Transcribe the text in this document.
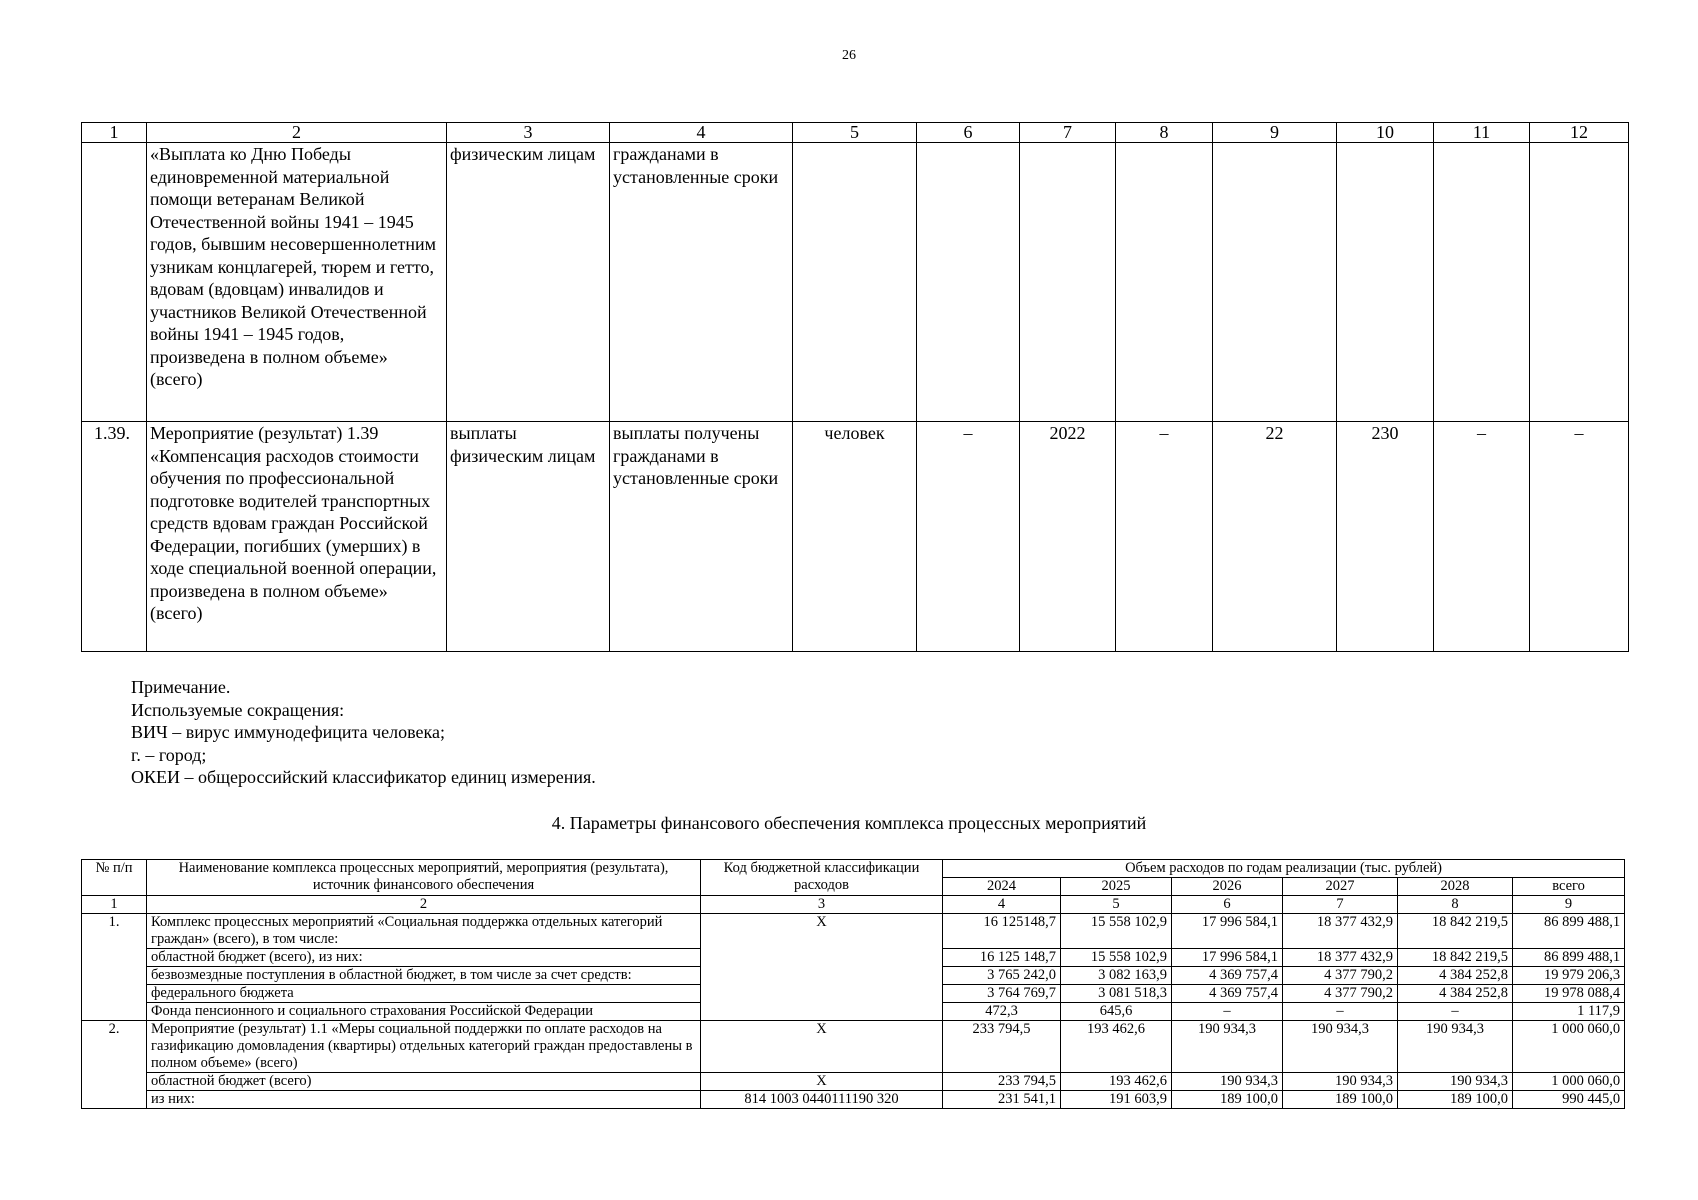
26
1	2	3	4	5	6	7	8	9	10	11	12
	«Выплата ко Дню Победы единовременной материальной помощи ветеранам Великой Отечественной войны 1941 – 1945 годов, бывшим несовершеннолетним узникам концлагерей, тюрем и гетто, вдовам (вдовцам) инвалидов и участников Великой Отечественной войны 1941 – 1945 годов, произведена в полном объеме» (всего)	физическим лицам	гражданами в установленные сроки								
1.39.	Мероприятие (результат) 1.39 «Компенсация расходов стоимости обучения по профессиональной подготовке водителей транспортных средств вдовам граждан Российской Федерации, погибших (умерших) в ходе специальной военной операции, произведена в полном объеме» (всего)	выплаты физическим лицам	выплаты получены гражданами в установленные сроки	человек	–	2022	–	22	230	–	–
Примечание.
Используемые сокращения:
ВИЧ – вирус иммунодефицита человека;
г. – город;
ОКЕИ – общероссийский классификатор единиц измерения.
4. Параметры финансового обеспечения комплекса процессных мероприятий
№ п/п	Наименование комплекса процессных мероприятий, мероприятия (результата), источник финансового обеспечения	Код бюджетной классификации расходов	Объем расходов по годам реализации (тыс. рублей)					
			2024	2025	2026	2027	2028	всего
1	2	3	4	5	6	7	8	9
1.	Комплекс процессных мероприятий «Социальная поддержка отдельных категорий граждан» (всего), в том числе:	Х	16 125148,7	15 558 102,9	17 996 584,1	18 377 432,9	18 842 219,5	86 899 488,1
	областной бюджет (всего), из них:		16 125 148,7	15 558 102,9	17 996 584,1	18 377 432,9	18 842 219,5	86 899 488,1
	безвозмездные поступления в областной бюджет, в том числе за счет средств:		3 765 242,0	3 082 163,9	4 369 757,4	4 377 790,2	4 384 252,8	19 979 206,3
	федерального бюджета		3 764 769,7	3 081 518,3	4 369 757,4	4 377 790,2	4 384 252,8	19 978 088,4
	Фонда пенсионного и социального страхования Российской Федерации		472,3	645,6	–	–	–	1 117,9
2.	Мероприятие (результат) 1.1 «Меры социальной поддержки по оплате расходов на газификацию домовладения (квартиры) отдельных категорий граждан предоставлены в полном объеме» (всего)	Х	233 794,5	193 462,6	190 934,3	190 934,3	190 934,3	1 000 060,0
	областной бюджет (всего)	Х	233 794,5	193 462,6	190 934,3	190 934,3	190 934,3	1 000 060,0
	из них:	814 1003 0440111190 320	231 541,1	191 603,9	189 100,0	189 100,0	189 100,0	990 445,0
